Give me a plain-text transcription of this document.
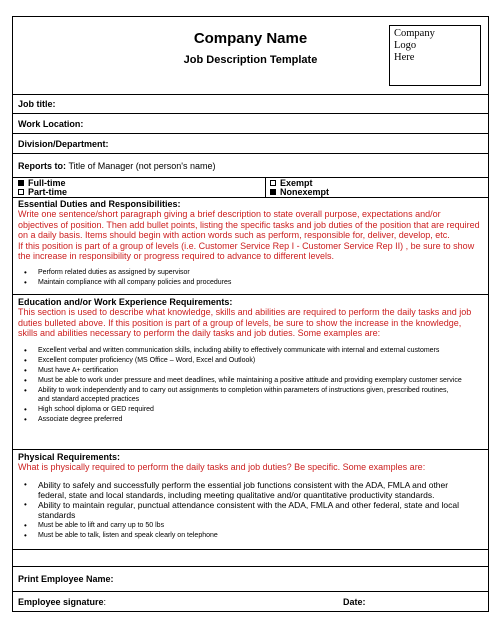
Company Name
Job Description Template
Company
Logo
Here
Job title:
Work Location:
Division/Department:
Reports to:
Title of Manager (not person's name)
Full-time
Part-time
Exempt
Nonexempt
Essential Duties and Responsibilities:
Write one sentence/short paragraph giving a brief description to state overall purpose, expectations and/or objectives of position. Then add bullet points, listing the specific tasks and job duties of the position that are required on a daily basis. Items should begin with action words such as perform, responsible for, deliver, develop, etc.
If this position is part of a group of levels (i.e. Customer Service Rep I - Customer Service Rep II) , be sure to show the increase in responsibility or progress required to advance to different levels.
• Perform related duties as assigned by supervisor
• Maintain compliance with all company policies and procedures
Education and/or Work Experience Requirements:
This section is used to describe what knowledge, skills and abilities are required to perform the daily tasks and job duties bulleted above. If this position is part of a group of levels, be sure to show the increase in the knowledge, skills and abilities necessary to perform the daily tasks and job duties. Some examples are:
• Excellent verbal and written communication skills, including ability to effectively communicate with internal and external customers
• Excellent computer proficiency (MS Office – Word, Excel and Outlook)
• Must have A+ certification
• Must be able to work under pressure and meet deadlines, while maintaining a positive attitude and providing exemplary customer service
• Ability to work independently and to carry out assignments to completion within parameters of instructions given, prescribed routines, and standard accepted practices
• High school diploma or GED required
• Associate degree preferred
Physical Requirements:
What is physically required to perform the daily tasks and job duties? Be specific. Some examples are:
• Ability to safely and successfully perform the essential job functions consistent with the ADA, FMLA and other federal, state and local standards, including meeting qualitative and/or quantitative productivity standards.
• Ability to maintain regular, punctual attendance consistent with the ADA, FMLA and other federal, state and local standards
• Must be able to lift and carry up to 50 lbs
• Must be able to talk, listen and speak clearly on telephone
Print Employee Name:
Employee signature:	Date:
